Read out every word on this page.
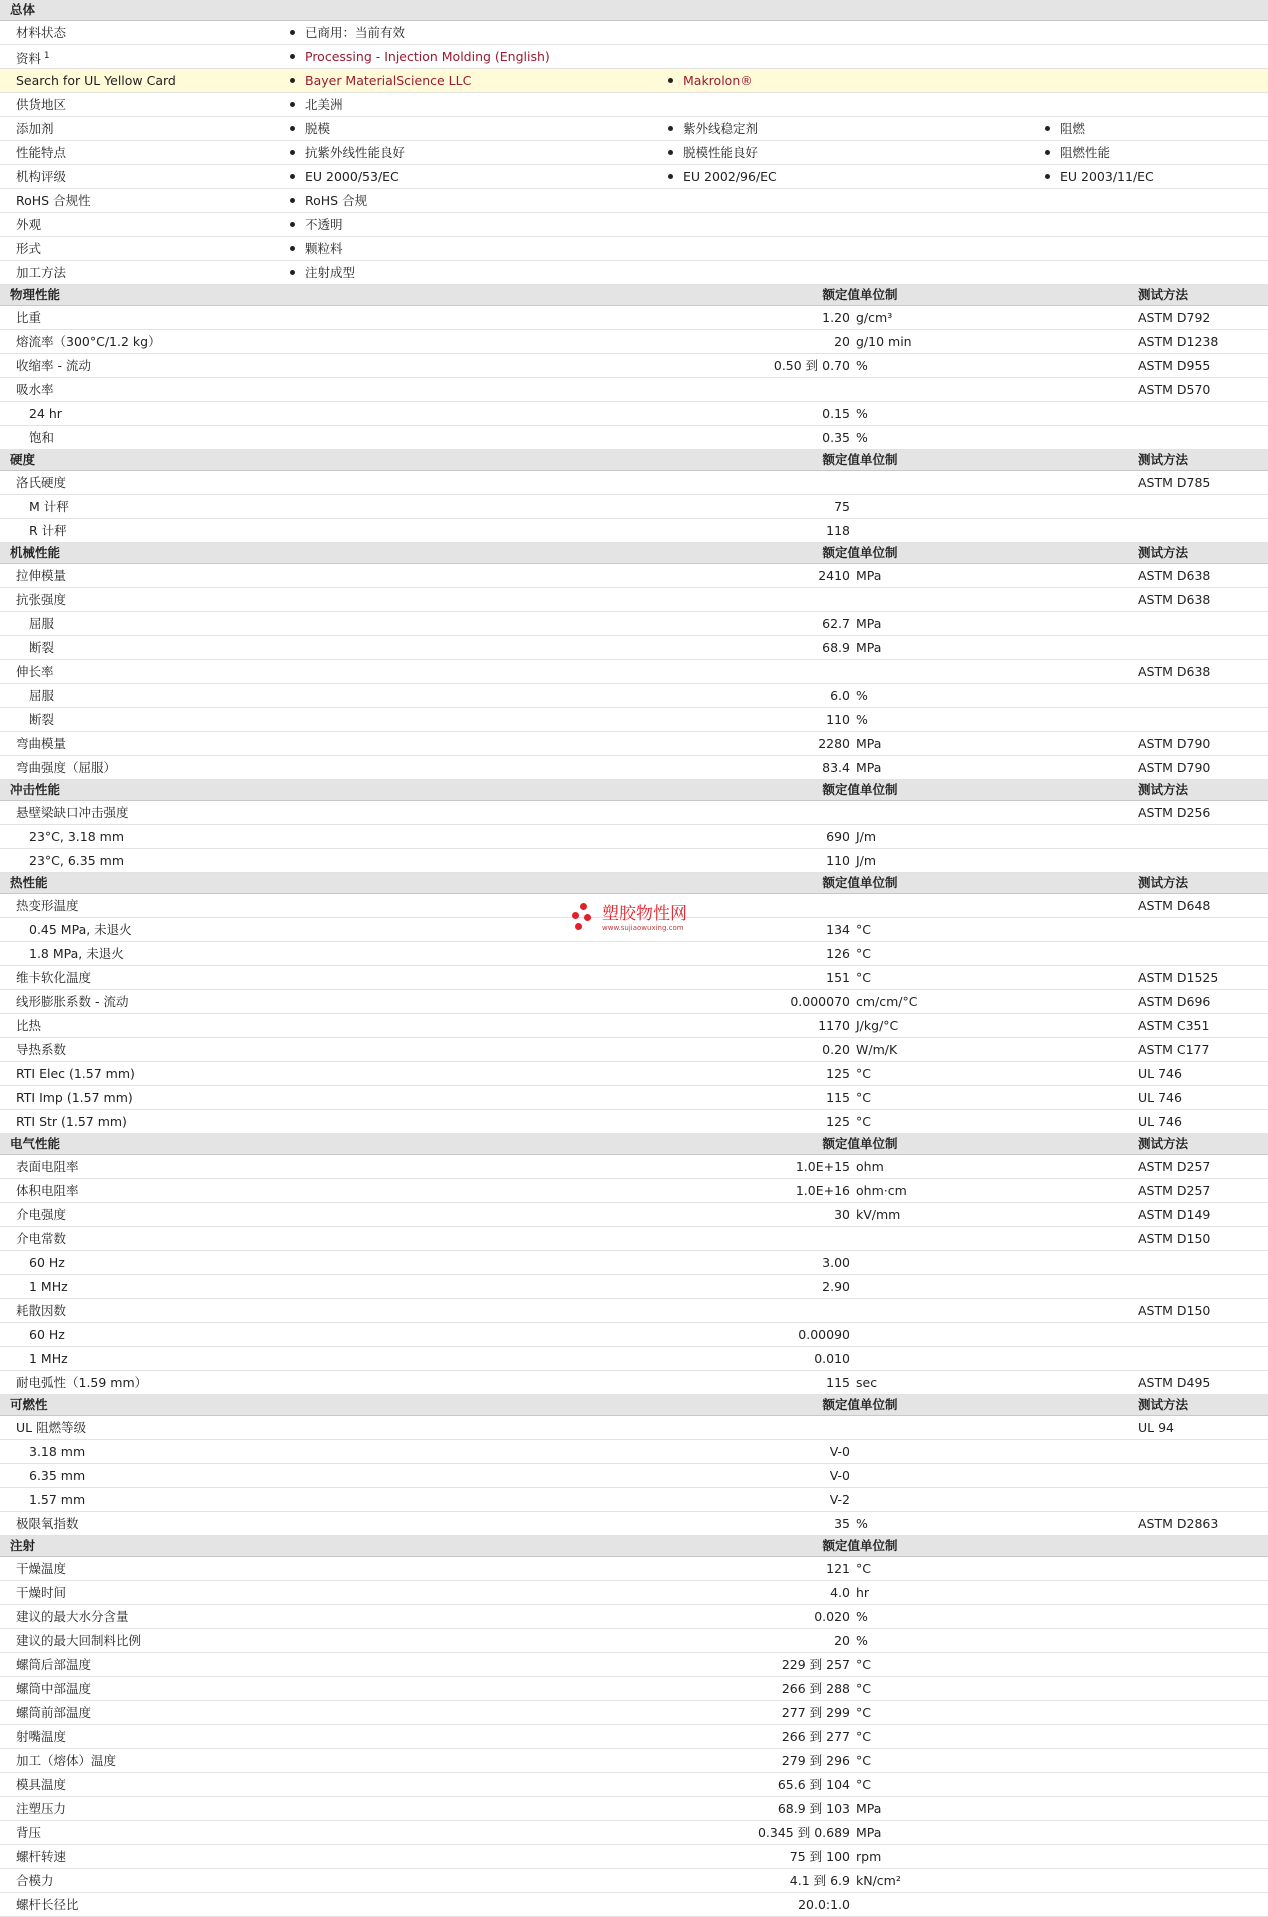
总体
材料状态	已商用：当前有效
资料 $^1$	Processing - Injection Molding (English)
Search for UL Yellow Card	Bayer MaterialScience LLC	Makrolon®
供货地区	北美洲
添加剂	脱模	紫外线稳定剂	阻燃
性能特点	抗紫外线性能良好	脱模性能良好	阻燃性能
机构评级	EU 2000/53/EC	EU 2002/96/EC	EU 2003/11/EC
RoHS 合规性	RoHS 合规
外观	不透明
形式	颗粒料
加工方法	注射成型
物理性能	额定值 单位制	测试方法
比重	1.20 g/cm³	ASTM D792
熔流率（300°C/1.2 kg）	20 g/10 min	ASTM D1238
收缩率 - 流动	0.50 到 0.70 %	ASTM D955
吸水率	ASTM D570
24 hr	0.15 %
饱和	0.35 %
硬度	额定值 单位制	测试方法
洛氏硬度	ASTM D785
M 计秤	75
R 计秤	118
机械性能	额定值 单位制	测试方法
拉伸模量	2410 MPa	ASTM D638
抗张强度	ASTM D638
屈服	62.7 MPa
断裂	68.9 MPa
伸长率	ASTM D638
屈服	6.0 %
断裂	110 %
弯曲模量	2280 MPa	ASTM D790
弯曲强度（屈服）	83.4 MPa	ASTM D790
冲击性能	额定值 单位制	测试方法
悬壁梁缺口冲击强度	ASTM D256
23°C, 3.18 mm	690 J/m
23°C, 6.35 mm	110 J/m
热性能	额定值 单位制	测试方法
热变形温度	ASTM D648
0.45 MPa, 未退火	134 °C
1.8 MPa, 未退火	126 °C
维卡软化温度	151 °C	ASTM D1525
线形膨胀系数 - 流动	0.000070 cm/cm/°C	ASTM D696
比热	1170 J/kg/°C	ASTM C351
导热系数	0.20 W/m/K	ASTM C177
RTI Elec (1.57 mm)	125 °C	UL 746
RTI Imp (1.57 mm)	115 °C	UL 746
RTI Str (1.57 mm)	125 °C	UL 746
电气性能	额定值 单位制	测试方法
表面电阻率	1.0E+15 ohm	ASTM D257
体积电阻率	1.0E+16 ohm·cm	ASTM D257
介电强度	30 kV/mm	ASTM D149
介电常数	ASTM D150
60 Hz	3.00
1 MHz	2.90
耗散因数	ASTM D150
60 Hz	0.00090
1 MHz	0.010
耐电弧性（1.59 mm）	115 sec	ASTM D495
可燃性	额定值 单位制	测试方法
UL 阻燃等级	UL 94
3.18 mm	V-0
6.35 mm	V-0
1.57 mm	V-2
极限氧指数	35 %	ASTM D2863
注射	额定值 单位制
干燥温度	121 °C
干燥时间	4.0 hr
建议的最大水分含量	0.020 %
建议的最大回制料比例	20 %
螺筒后部温度	229 到 257 °C
螺筒中部温度	266 到 288 °C
螺筒前部温度	277 到 299 °C
射嘴温度	266 到 277 °C
加工（熔体）温度	279 到 296 °C
模具温度	65.6 到 104 °C
注塑压力	68.9 到 103 MPa
背压	0.345 到 0.689 MPa
螺杆转速	75 到 100 rpm
合模力	4.1 到 6.9 kN/cm²
螺杆长径比	20.0:1.0
塑胶物性网
www.sujiaowuxing.com
